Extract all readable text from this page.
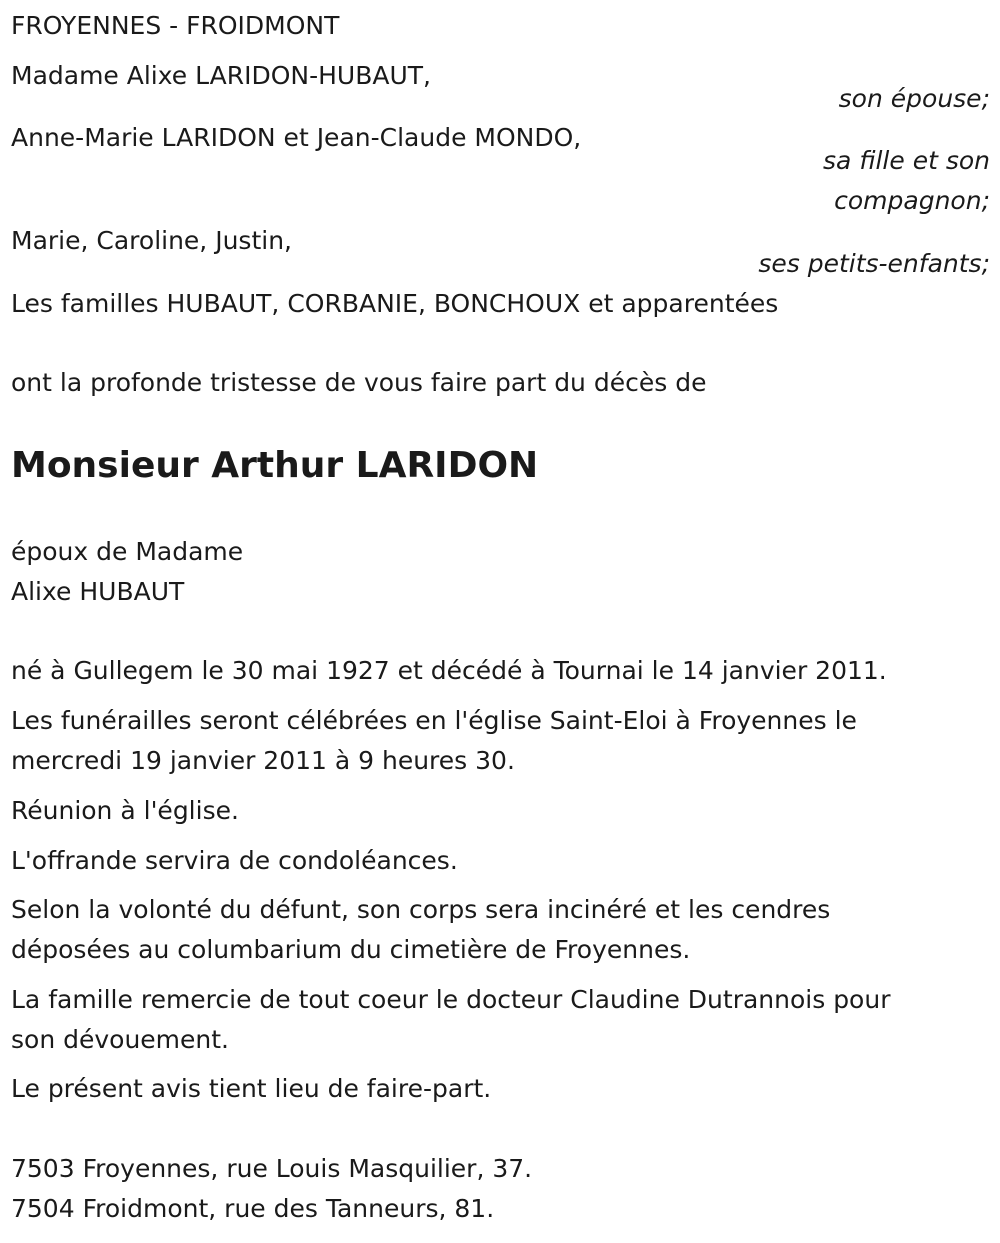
FROYENNES - FROIDMONT

Madame Alixe LARIDON-HUBAUT,

son épouse;

Anne-Marie LARIDON et Jean-Claude MONDO,

sa fille et son

compagnon;

Marie, Caroline, Justin,

ses petits-enfants;

Les familles HUBAUT, CORBANIE, BONCHOUX et apparentées

ont la profonde tristesse de vous faire part du décès de

Monsieur Arthur LARIDON

époux de Madame

Alixe HUBAUT

né à Gullegem le 30 mai 1927 et décédé à Tournai le 14 janvier 2011.

Les funérailles seront célébrées en l'église Saint-Eloi à Froyennes le

mercredi 19 janvier 2011 à 9 heures 30.

Réunion à l'église.

L'offrande servira de condoléances.

Selon la volonté du défunt, son corps sera incinéré et les cendres

déposées au columbarium du cimetière de Froyennes.

La famille remercie de tout coeur le docteur Claudine Dutrannois pour

son dévouement.

Le présent avis tient lieu de faire-part.

7503 Froyennes, rue Louis Masquilier, 37.

7504 Froidmont, rue des Tanneurs, 81.
